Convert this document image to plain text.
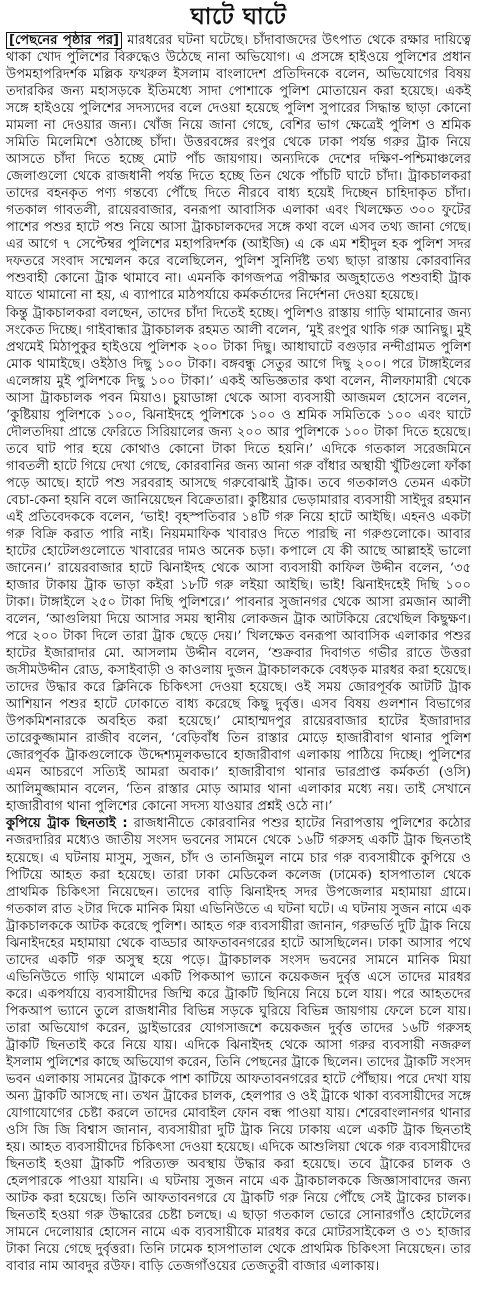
ঘাটে ঘাটে

[পেছনের পৃষ্ঠার পর] মারধরের ঘটনা ঘটেছে। চাঁদাবাজদের উৎপাত থেকে রক্ষার দায়িত্বে থাকা খোদ পুলিশের বিরুদ্ধেও উঠেছে নানা অভিযোগ। এ প্রসঙ্গে হাইওয়ে পুলিশের প্রধান উপমহাপরিদর্শক মল্লিক ফখরুল ইসলাম বাংলাদেশ প্রতিদিনকে বলেন, অভিযোগের বিষয় তদারকির জন্য মহাসড়কে ইতিমধ্যে সাদা পোশাকে পুলিশ মোতায়েন করা হয়েছে। একই সঙ্গে হাইওয়ে পুলিশের সদস্যদের বলে দেওয়া হয়েছে পুলিশ সুপারের সিদ্ধান্ত ছাড়া কোনো মামলা না দেওয়ার জন্য। খোঁজ নিয়ে জানা গেছে, বেশির ভাগ ক্ষেত্রেই পুলিশ ও শ্রমিক সমিতি মিলেমিশে ওঠাচ্ছে চাঁদা। উত্তরবঙ্গের রংপুর থেকে ঢাকা পর্যন্ত গরুর ট্রাক নিয়ে আসতে চাঁদা দিতে হচ্ছে মোট পাঁচ জায়গায়। অন্যদিকে দেশের দক্ষিণ-পশ্চিমাঞ্চলের জেলাগুলো থেকে রাজধানী পর্যন্ত দিতে হচ্ছে তিন থেকে পাঁচটি ঘাটে চাঁদা। ট্রাকচালকরা তাদের বহনকৃত পণ্য গন্তব্যে পৌঁছে দিতে নীরবে বাধ্য হয়েই দিচ্ছেন চাহিদাকৃত চাঁদা। গতকাল গাবতলী, রায়েরবাজার, বনরূপা আবাসিক এলাকা এবং খিলক্ষেত ৩০০ ফুটের পাশের পশুর হাটে পশু নিয়ে আসা ট্রাকচালকদের সঙ্গে কথা বলে এসব তথ্য জানা গেছে। এর আগে ৭ সেপ্টেম্বর পুলিশের মহাপরিদর্শক (আইজি) এ কে এম শহীদুল হক পুলিশ সদর দফতরে সংবাদ সম্মেলন করে বলেছিলেন, পুলিশ সুনির্দিষ্ট তথ্য ছাড়া রাস্তায় কোরবানির পশুবাহী কোনো ট্রাক থামাবে না। এমনকি কাগজপত্র পরীক্ষার অজুহাতেও পশুবাহী ট্রাক যাতে থামানো না হয়, এ ব্যাপারে মাঠপর্যায়ে কর্মকর্তাদের নির্দেশনা দেওয়া হয়েছে।

কিন্তু ট্রাকচালকরা বলছেন, তাদের চাঁদা দিতেই হচ্ছে। পুলিশও রাস্তায় গাড়ি থামানোর জন্য সংকেত দিচ্ছে। গাইবান্ধার ট্রাকচালক রহমত আলী বলেন, ‘মুই রংপুর থাকি গরু আনিছু। মুই প্রথমেই মিঠাপুকুর হাইওয়ে পুলিশক ২০০ টাকা দিছু। আধাঘাটে বগুড়ার নন্দীগ্রামত পুলিশ মোক থামাইছে। ওইঠাও দিছু ১০০ টাকা। বঙ্গবন্ধু সেতুর আগে দিছু ২০০। পরে টাঙ্গাইলের এলেঙ্গায় মুই পুলিশকে দিছু ১০০ টাকা।’ একই অভিজ্ঞতার কথা বলেন, নীলফামারী থেকে আসা ট্রাকচালক পবন মিয়াও। চুয়াডাঙ্গা থেকে আসা ব্যবসায়ী আজমল হোসেন বলেন, ‘কুষ্টিয়ায় পুলিশকে ১০০, ঝিনাইদহে পুলিশকে ১০০ ও শ্রমিক সমিতিকে ১০০ এবং ঘাটে দৌলতদিয়া প্রান্তে ফেরিতে সিরিয়ালের জন্য ২০০ আর পুলিশকে ১০০ টাকা দিতে হয়েছে। তবে ঘাট পার হয়ে কোথাও কোনো টাকা দিতে হয়নি।’ এদিকে গতকাল সরেজমিনে গাবতলী হাটে গিয়ে দেখা গেছে, কোরবানির জন্য আনা গরু বাঁধার অস্থায়ী খুঁটিগুলো ফাঁকা পড়ে আছে। হাটে পশু সরবরাহ আসছে গরুবোঝাই ট্রাক। তবে গতকালও তেমন একটা বেচা-কেনা হয়নি বলে জানিয়েছেন বিক্রেতারা। কুষ্টিয়ার ভেড়ামারার ব্যবসায়ী সাইদুর রহমান এই প্রতিবেদককে বলেন, ‘ভাই! বৃহস্পতিবার ১৪টি গরু নিয়ে হাটে আইছি। এহনও একটা গরু বিক্রি করাত পারি নাই। নিয়মমাফিক খাবারও দিতে পারছি না গরুগুলোকে। আবার হাটের হোটেলগুলোতে খাবারের দামও অনেক চড়া। কপালে যে কী আছে আল্লাহই ভালো জানেন।’ রায়েরবাজার হাটে ঝিনাইদহ থেকে আসা ব্যবসায়ী কাফিল উদ্দীন বলেন, ‘৩৫ হাজার টাকায় ট্রাক ভাড়া কইরা ১৮টি গরু লইয়া আইছি। ভাই! ঝিনাইদহেই দিছি ১০০ টাকা। টাঙ্গাইলে ২৫০ টাকা দিছি পুলিশরে।’ পাবনার সুজানগর থেকে আসা রমজান আলী বলেন, ‘আগুলিয়া দিয়ে আসার সময় স্থানীয় লোকজন ট্রাক আটকিয়ে রেখেছিল কিছুক্ষণ। পরে ২০০ টাকা দিলে তারা ট্রাক ছেড়ে দেয়।’ খিলক্ষেত বনরূপা আবাসিক এলাকার পশুর হাটের ইজারাদার মো. আসলাম উদ্দীন বলেন, ‘শুক্রবার দিবাগত গভীর রাতে উত্তরা জসীমউদ্দীন রোড, কসাইবাড়ী ও কাওলায় দুজন ট্রাকচালককে বেধড়ক মারধর করা হয়েছে। তাদের উদ্ধার করে ক্লিনিকে চিকিৎসা দেওয়া হয়েছে। ওই সময় জোরপূর্বক আটটি ট্রাক আশিয়ান পশুর হাটে ঢোকাতে বাধ্য করেছে কিছু দুর্বৃত্ত। এসব বিষয় গুলশান বিভাগের উপকমিশনারকে অবহিত করা হয়েছে।’ মোহাম্মদপুর রায়েরবাজার হাটের ইজারাদার তারেকুজ্জামান রাজীব বলেন, ‘বেড়িবাঁধ তিন রাস্তার মোড়ে হাজারীবাগ থানার পুলিশ জোরপূর্বক ট্রাকগুলোকে উদ্দেশ্যমূলকভাবে হাজারীবাগ এলাকায় পাঠিয়ে দিচ্ছে। পুলিশের এমন আচরণে সত্যিই আমরা অবাক।’ হাজারীবাগ থানার ভারপ্রাপ্ত কর্মকর্তা (ওসি) আলিমুজ্জামান বলেন, ‘তিন রাস্তার মোড় আমার থানা এলাকার মধ্যে নয়। তাই সেখানে হাজারীবাগ থানা পুলিশের কোনো সদস্য যাওয়ার প্রশ্নই ওঠে না।’

কুপিয়ে ট্রাক ছিনতাই : রাজধানীতে কোরবানির পশুর হাটের নিরাপত্তায় পুলিশের কঠোর নজরদারির মধ্যেও জাতীয় সংসদ ভবনের সামনে থেকে ১৬টি গরুসহ একটি ট্রাক ছিনতাই হয়েছে। এ ঘটনায় মাসুম, সুজন, চাঁদ ও তানজিমুল নামে চার গরু ব্যবসায়ীকে কুপিয়ে ও পিটিয়ে আহত করা হয়েছে। তারা ঢাকা মেডিকেল কলেজ (ঢামেক) হাসপাতাল থেকে প্রাথমিক চিকিৎসা নিয়েছেন। তাদের বাড়ি ঝিনাইদহ সদর উপজেলার মহামায়া গ্রামে। গতকাল রাত ২টার দিকে মানিক মিয়া এভিনিউতে এ ঘটনা ঘটে। এ ঘটনায় সুজন নামে এক ট্রাকচালককে আটক করেছে পুলিশ। আহত গরু ব্যবসায়ীরা জানান, গরুভর্তি দুটি ট্রাক নিয়ে ঝিনাইদহের মহামায়া থেকে বাড্ডার আফতাবনগরের হাটে আসছিলেন। ঢাকা আসার পথে তাদের একটি গরু অসুস্থ হয়ে পড়ে। ট্রাকচালক সংসদ ভবনের সামনে মানিক মিয়া এভিনিউতে গাড়ি থামালে একটি পিকআপ ভ্যানে কয়েকজন দুর্বৃত্ত এসে তাদের মারধর করে। একপর্যায়ে ব্যবসায়ীদের জিম্মি করে ট্রাকটি ছিনিয়ে নিয়ে চলে যায়। পরে আহতদের পিকআপ ভ্যানে তুলে রাজধানীর বিভিন্ন সড়কে ঘুরিয়ে বিভিন্ন জায়গায় ফেলে চলে যায়। তারা অভিযোগ করেন, ড্রাইভারের যোগসাজশে কয়েকজন দুর্বৃত্ত তাদের ১৬টি গরুসহ ট্রাকটি ছিনতাই করে নিয়ে যায়। এদিকে ঝিনাইদহ থেকে আসা গরুর ব্যবসায়ী নজরুল ইসলাম পুলিশের কাছে অভিযোগ করেন, তিনি পেছনের ট্রাকে ছিলেন। তাদের ট্রাকটি সংসদ ভবন এলাকায় সামনের ট্রাককে পাশ কাটিয়ে আফতাবনগরের হাটে পৌঁছায়। পরে দেখা যায় অন্য ট্রাকটি আসছে না। তখন ট্রাকের চালক, হেলপার ও ওই ট্রাকে থাকা ব্যবসায়ীদের সঙ্গে যোগাযোগের চেষ্টা করলে তাদের মোবাইল ফোন বন্ধ পাওয়া যায়। শেরেবাংলানগর থানার ওসি জি জি বিশ্বাস জানান, ব্যবসায়ীরা দুটি ট্রাক নিয়ে ঢাকায় এলে একটি ট্রাক ছিনতাই হয়। আহত ব্যবসায়ীদের চিকিৎসা দেওয়া হয়েছে। এদিকে আশুলিয়া থেকে গরু ব্যবসায়ীদের ছিনতাই হওয়া ট্রাকটি পরিত্যক্ত অবস্থায় উদ্ধার করা হয়েছে। তবে ট্রাকের চালক ও হেলপারকে পাওয়া যায়নি। এ ঘটনায় সুজন নামে এক ট্রাকচালককে জিজ্ঞাসাবাদের জন্য আটক করা হয়েছে। তিনি আফতাবনগরে যে ট্রাকটি গরু নিয়ে পৌঁছে সেই ট্রাকের চালক। ছিনতাই হওয়া গরু উদ্ধারের চেষ্টা চলছে। এ ছাড়া গতকাল ভোরে সোনারগাঁও হোটেলের সামনে দেলোয়ার হোসেন নামে এক ব্যবসায়ীকে মারধর করে মোটরসাইকেল ও ৩১ হাজার টাকা নিয়ে গেছে দুর্বৃত্তরা। তিনি ঢামেক হাসপাতাল থেকে প্রাথমিক চিকিৎসা নিয়েছেন। তার বাবার নাম আবদুর রউফ। বাড়ি তেজগাঁওয়ের তেজতুরী বাজার এলাকায়।
